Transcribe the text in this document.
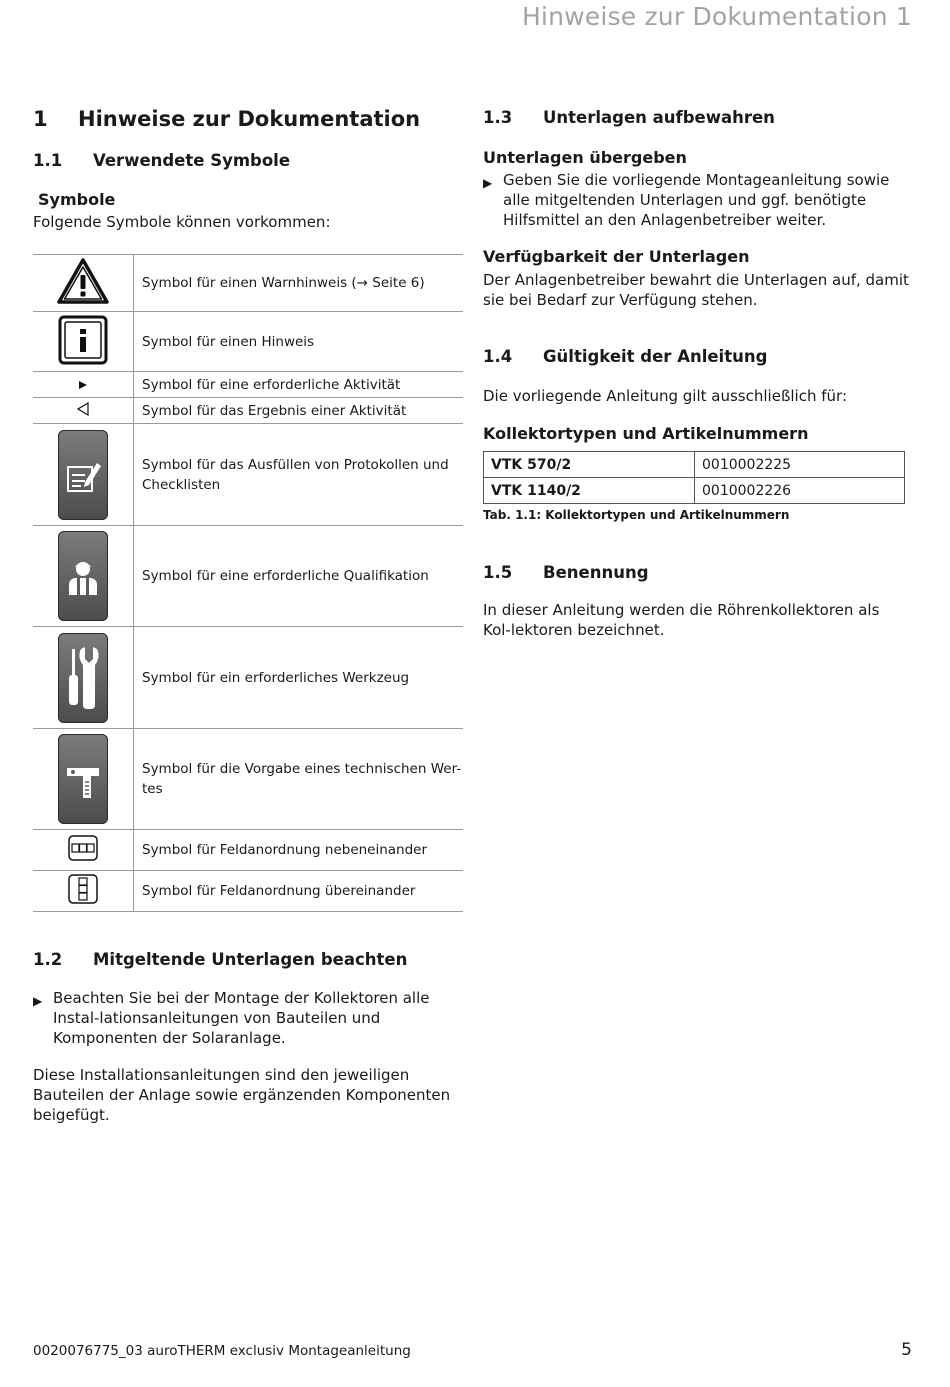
Hinweise zur Dokumentation 1
1 Hinweise zur Dokumentation
1.1 Verwendete Symbole
Symbole
Folgende Symbole können vorkommen:
Symbol für einen Warnhinweis (→ Seite 6)
Symbol für einen Hinweis
Symbol für eine erforderliche Aktivität
Symbol für das Ergebnis einer Aktivität
Symbol für das Ausfüllen von Protokollen und Checklisten
Symbol für eine erforderliche Qualifikation
Symbol für ein erforderliches Werkzeug
Symbol für die Vorgabe eines technischen Wer-tes
Symbol für Feldanordnung nebeneinander
Symbol für Feldanordnung übereinander
1.2 Mitgeltende Unterlagen beachten
▶ Beachten Sie bei der Montage der Kollektoren alle Instal-lationsanleitungen von Bauteilen und Komponenten der Solaranlage.
Diese Installationsanleitungen sind den jeweiligen Bauteilen der Anlage sowie ergänzenden Komponenten beigefügt.
1.3 Unterlagen aufbewahren
Unterlagen übergeben
▶ Geben Sie die vorliegende Montageanleitung sowie alle mitgeltenden Unterlagen und ggf. benötigte Hilfsmittel an den Anlagenbetreiber weiter.
Verfügbarkeit der Unterlagen
Der Anlagenbetreiber bewahrt die Unterlagen auf, damit sie bei Bedarf zur Verfügung stehen.
1.4 Gültigkeit der Anleitung
Die vorliegende Anleitung gilt ausschließlich für:
Kollektortypen und Artikelnummern
VTK 570/2	0010002225
VTK 1140/2	0010002226
Tab. 1.1: Kollektortypen und Artikelnummern
1.5 Benennung
In dieser Anleitung werden die Röhrenkollektoren als Kol-lektoren bezeichnet.
0020076775_03 auroTHERM exclusiv Montageanleitung	5
